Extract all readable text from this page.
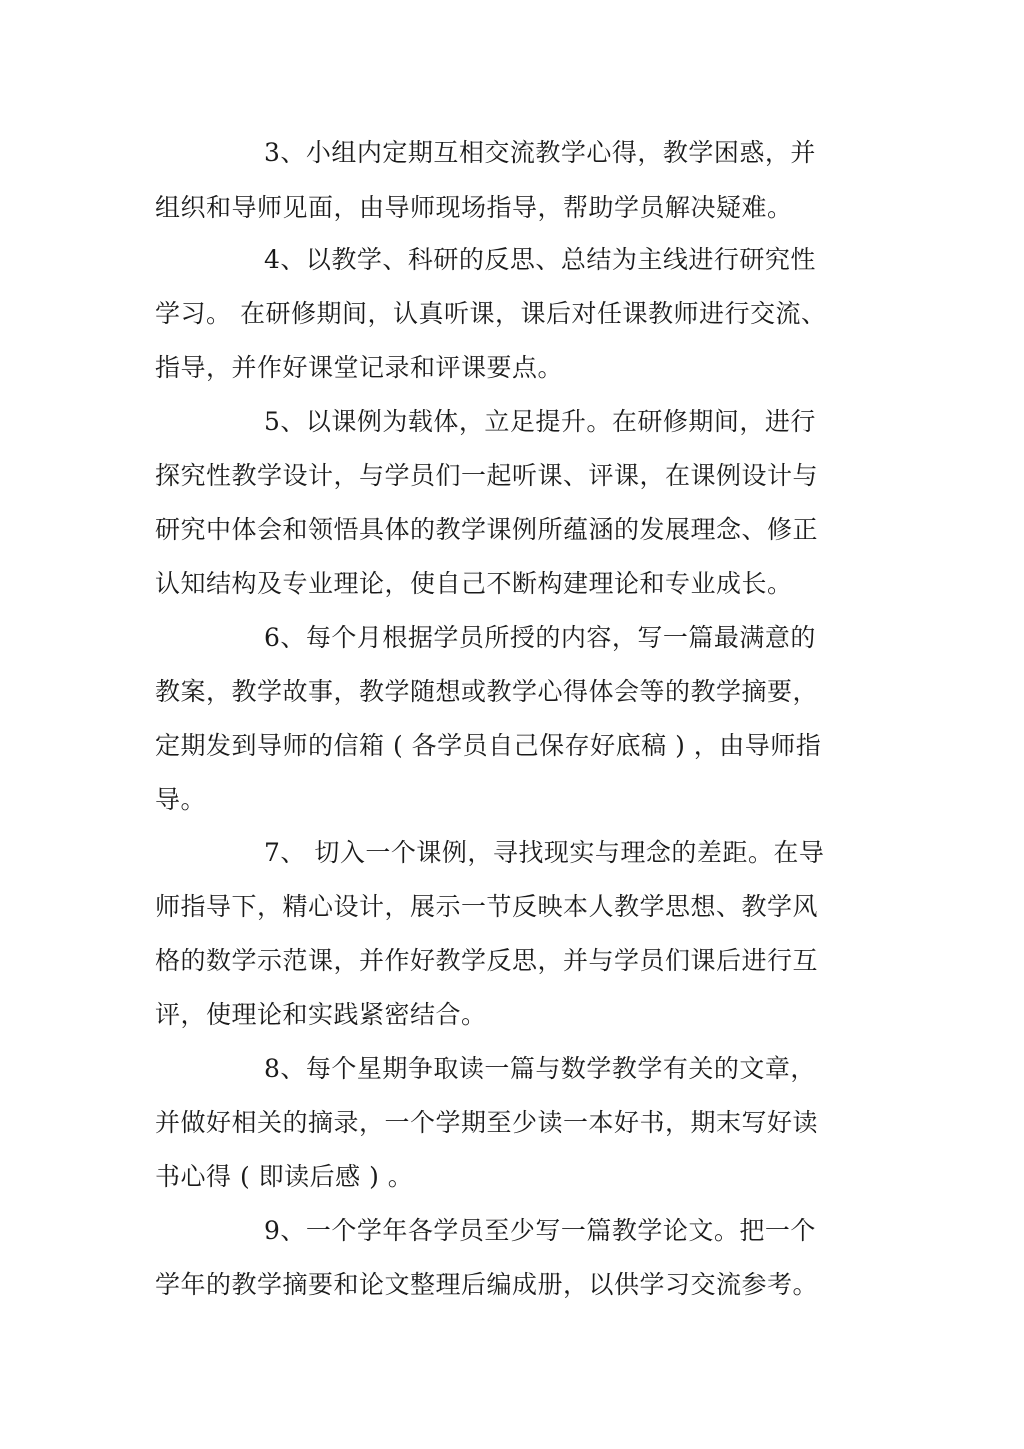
3、小组内定期互相交流教学心得，教学困惑，并
组织和导师见面，由导师现场指导，帮助学员解决疑难。
4、以教学、科研的反思、总结为主线进行研究性
学习。 在研修期间，认真听课，课后对任课教师进行交流、
指导，并作好课堂记录和评课要点。
5、以课例为载体，立足提升。在研修期间，进行
探究性教学设计，与学员们一起听课、评课，在课例设计与
研究中体会和领悟具体的教学课例所蕴涵的发展理念、修正
认知结构及专业理论，使自己不断构建理论和专业成长。
6、每个月根据学员所授的内容，写一篇最满意的
教案，教学故事，教学随想或教学心得体会等的教学摘要，
定期发到导师的信箱 ( 各学员自己保存好底稿 ) ，由导师指
导。
7、 切入一个课例，寻找现实与理念的差距。在导
师指导下，精心设计，展示一节反映本人教学思想、教学风
格的数学示范课，并作好教学反思，并与学员们课后进行互
评，使理论和实践紧密结合。
8、每个星期争取读一篇与数学教学有关的文章，
并做好相关的摘录，一个学期至少读一本好书，期末写好读
书心得 ( 即读后感 ) 。
9、一个学年各学员至少写一篇教学论文。把一个
学年的教学摘要和论文整理后编成册，以供学习交流参考。
